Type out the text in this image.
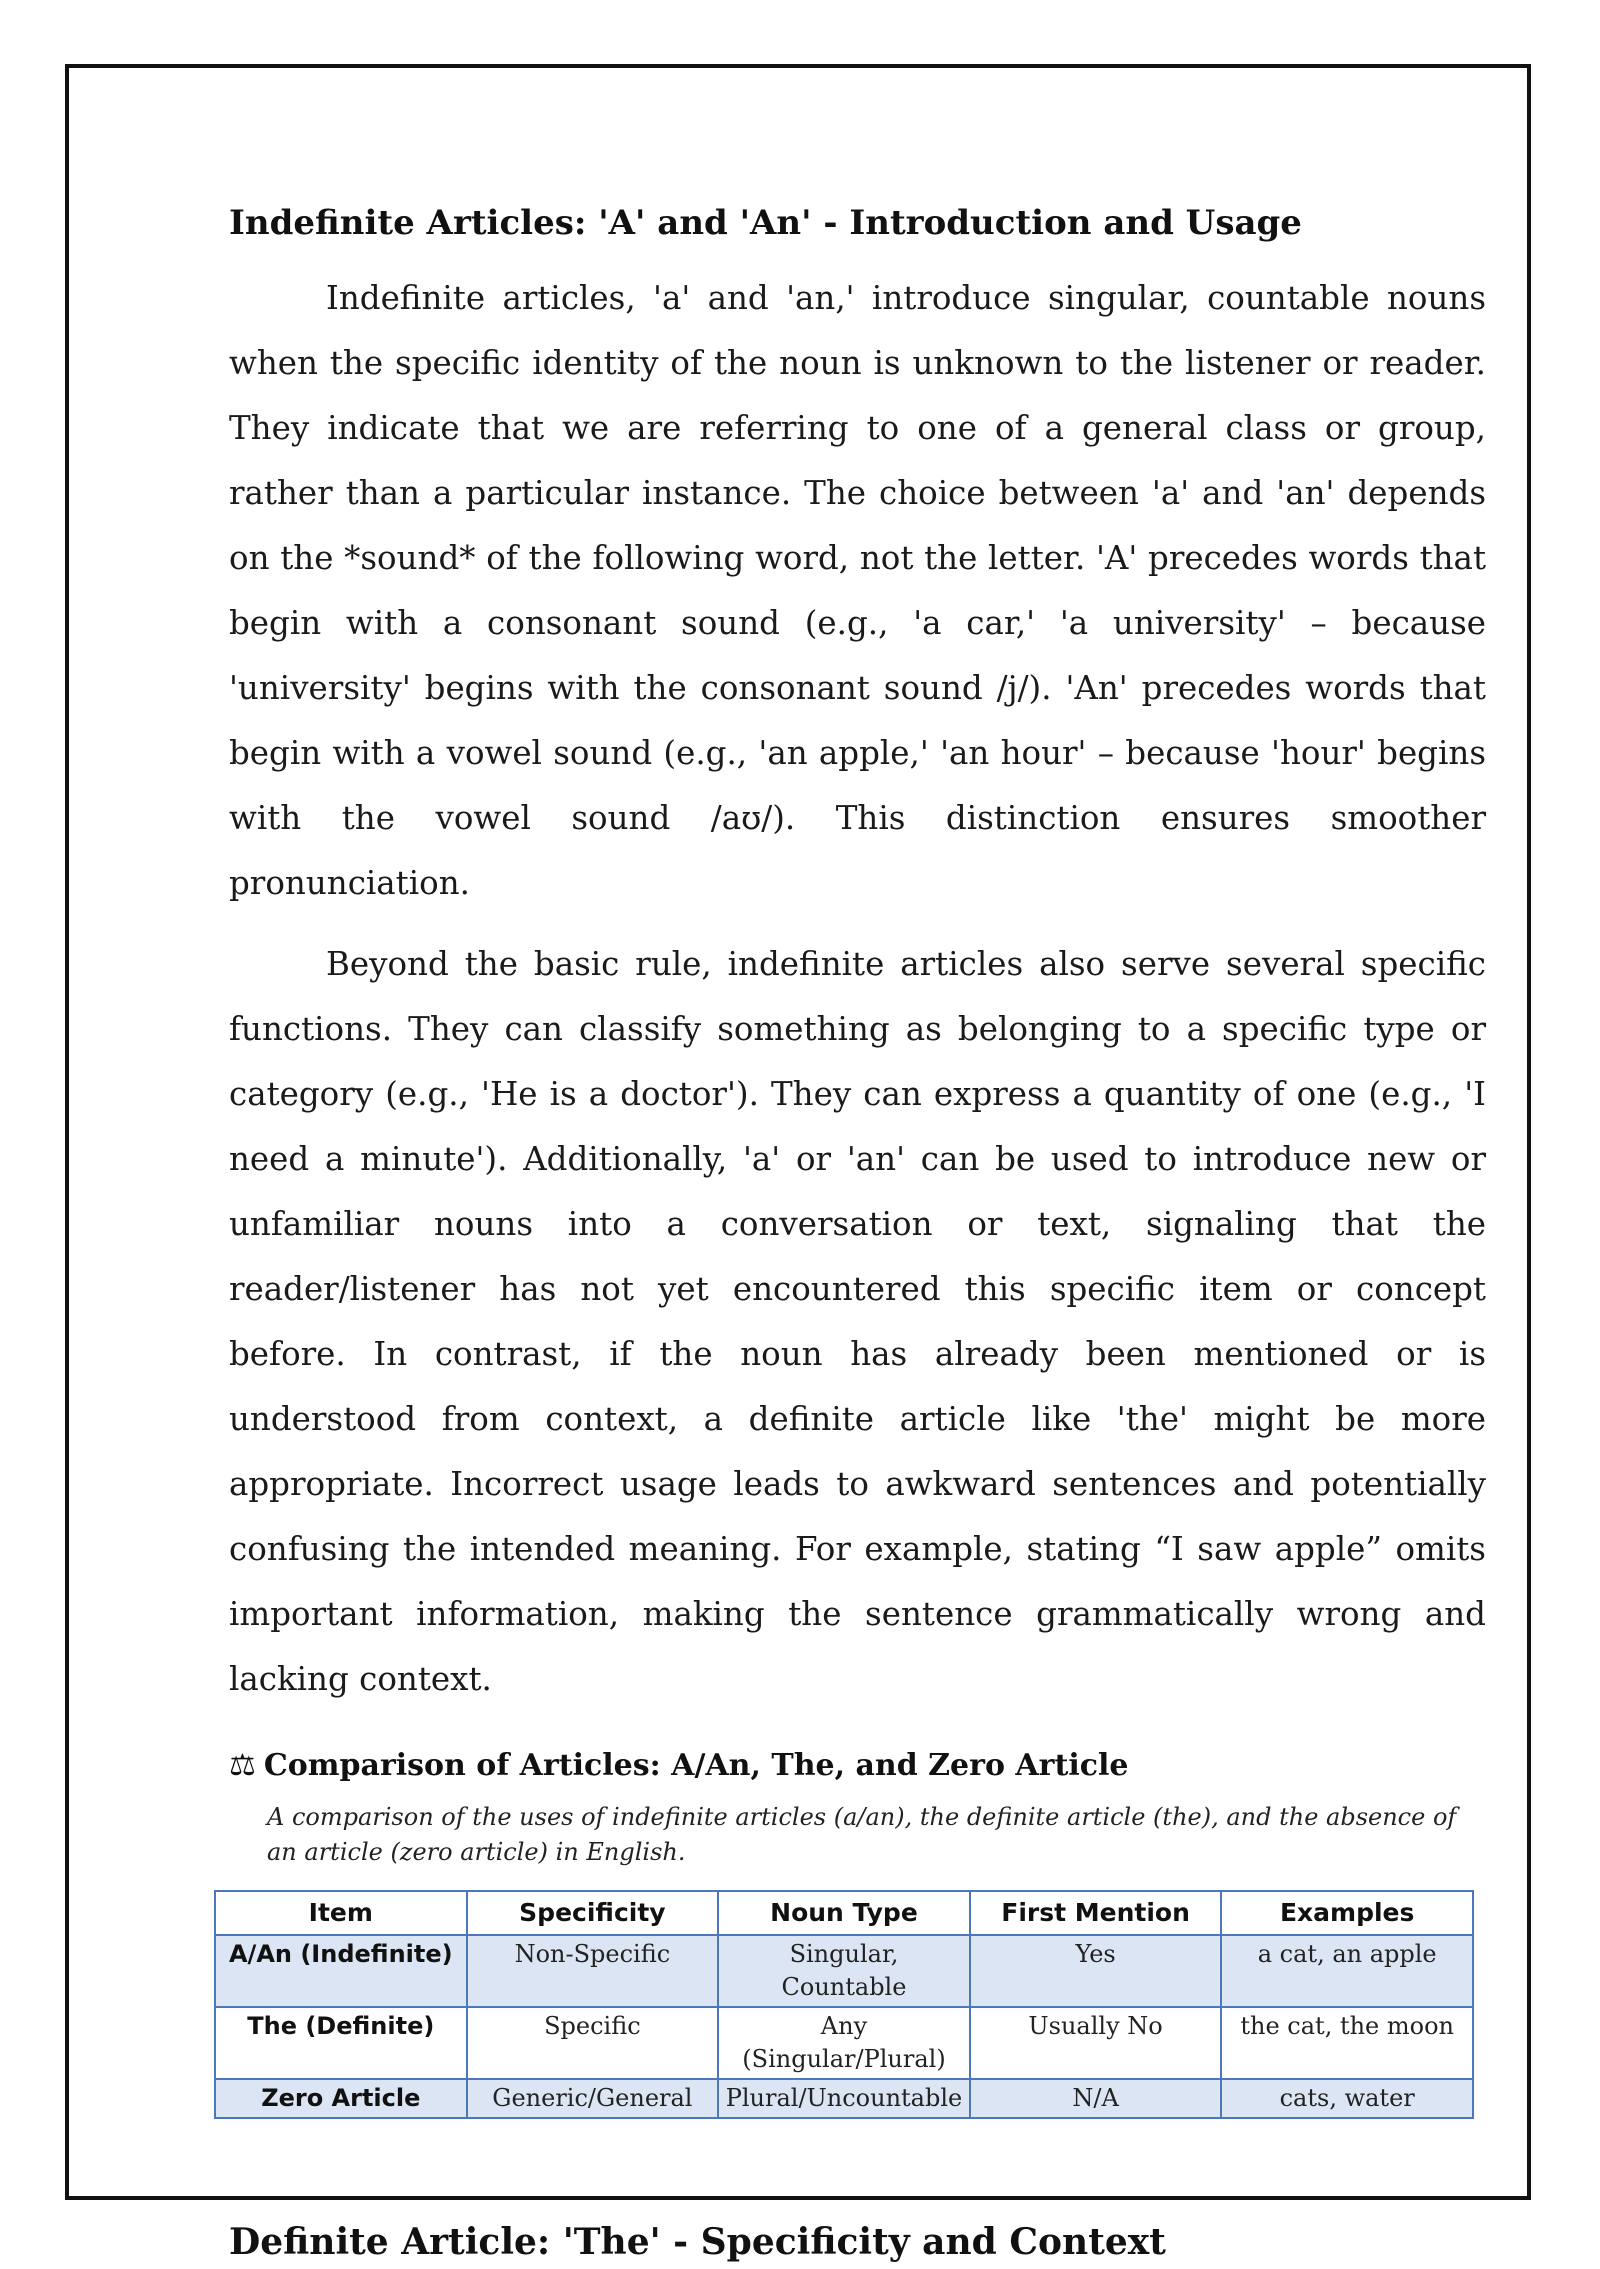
Indefinite Articles: 'A' and 'An' - Introduction and Usage

Indefinite articles, 'a' and 'an,' introduce singular, countable nouns when the specific identity of the noun is unknown to the listener or reader. They indicate that we are referring to one of a general class or group, rather than a particular instance. The choice between 'a' and 'an' depends on the *sound* of the following word, not the letter. 'A' precedes words that begin with a consonant sound (e.g., 'a car,' 'a university' – because 'university' begins with the consonant sound /j/). 'An' precedes words that begin with a vowel sound (e.g., 'an apple,' 'an hour' – because 'hour' begins with the vowel sound /aʊ/). This distinction ensures smoother pronunciation.

Beyond the basic rule, indefinite articles also serve several specific functions. They can classify something as belonging to a specific type or category (e.g., 'He is a doctor'). They can express a quantity of one (e.g., 'I need a minute'). Additionally, 'a' or 'an' can be used to introduce new or unfamiliar nouns into a conversation or text, signaling that the reader/listener has not yet encountered this specific item or concept before. In contrast, if the noun has already been mentioned or is understood from context, a definite article like 'the' might be more appropriate. Incorrect usage leads to awkward sentences and potentially confusing the intended meaning. For example, stating “I saw apple” omits important information, making the sentence grammatically wrong and lacking context.

⚖ Comparison of Articles: A/An, The, and Zero Article
A comparison of the uses of indefinite articles (a/an), the definite article (the), and the absence of an article (zero article) in English.
Item	Specificity	Noun Type	First Mention	Examples
A/An (Indefinite)	Non-Specific	Singular, Countable	Yes	a cat, an apple
The (Definite)	Specific	Any (Singular/Plural)	Usually No	the cat, the moon
Zero Article	Generic/General	Plural/Uncountable	N/A	cats, water
Definite Article: 'The' - Specificity and Context
